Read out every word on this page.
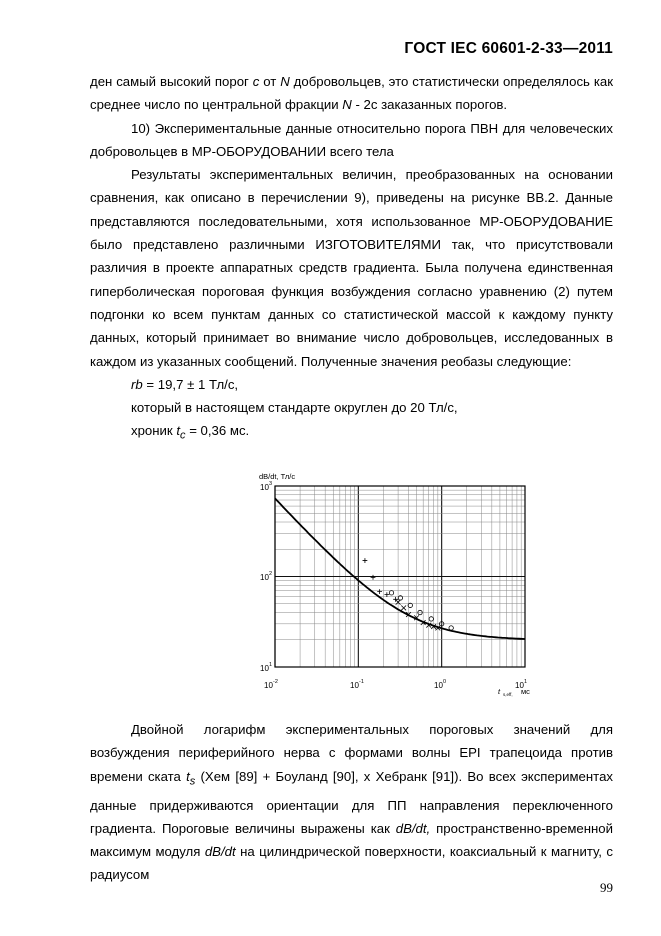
ГОСТ IEC 60601-2-33—2011

ден самый высокий порог c от N добровольцев, это статистически определялось как среднее число по центральной фракции N - 2с заказанных порогов.

10) Экспериментальные данные относительно порога ПВН для человеческих добровольцев в МР-ОБОРУДОВАНИИ всего тела

Результаты экспериментальных величин, преобразованных на основании сравнения, как описано в перечислении 9), приведены на рисунке ВВ.2. Данные представляются последовательными, хотя использованное МР-ОБОРУДОВАНИЕ было представлено различными ИЗГОТОВИТЕЛЯМИ так, что присутствовали различия в проекте аппаратных средств градиента. Была получена единственная гиперболическая пороговая функция возбуждения согласно уравнению (2) путем подгонки ко всем пунктам данных со статистической массой к каждому пункту данных, который принимает во внимание число добровольцев, исследованных в каждом из указанных сообщений. Полученные значения реобазы следующие:

rb = 19,7 ± 1 Тл/с,

который в настоящем стандарте округлен до 20 Тл/с,

хроник $t_c = 0,36$ мс.

dB/dt, Тл/с
10 3
10 2
10 1
10 -2	10 -1	10 0	10 1
t s,eff, мс

Двойной логарифм экспериментальных пороговых значений для возбуждения периферийного нерва с формами волны EPI трапецоида против времени ската $t_s$ (Хем [89] + Боуланд [90], х Хебранк [91]). Во всех экспериментах данные придерживаются ориентации для ПП направления переключенного градиента. Пороговые величины выражены как dB/dt, пространственно-временной максимум модуля dB/dt на цилиндрической поверхности, коаксиальный к магниту, с радиусом

99
